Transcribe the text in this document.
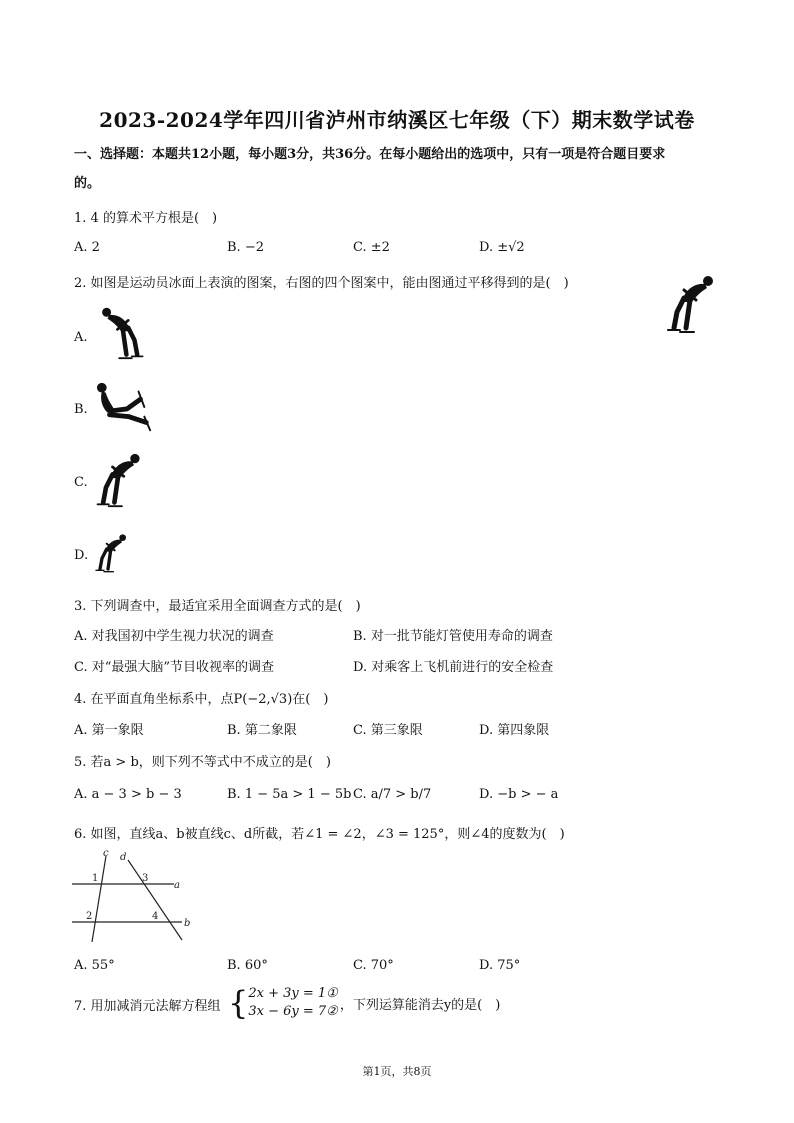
2023-2024学年四川省泸州市纳溪区七年级（下）期末数学试卷
一、选择题：本题共12小题，每小题3分，共36分。在每小题给出的选项中，只有一项是符合题目要求
的。
1. 4 的算术平方根是(　)
A. 2	B. −2	C. ±2	D. ±√2
2. 如图是运动员冰面上表演的图案，右图的四个图案中，能由图通过平移得到的是(　)
A.
B.
C.
D.
3. 下列调查中，最适宜采用全面调查方式的是(　)
A. 对我国初中学生视力状况的调查	B. 对一批节能灯管使用寿命的调查
C. 对“最强大脑”节目收视率的调查	D. 对乘客上飞机前进行的安全检查
4. 在平面直角坐标系中，点P(−2,√3)在(　)
A. 第一象限	B. 第二象限	C. 第三象限	D. 第四象限
5. 若a > b，则下列不等式中不成立的是(　)
A. a − 3 > b − 3	B. 1 − 5a > 1 − 5b C. a/7 > b/7	D. −b > − a
6. 如图，直线a、b被直线c、d所截，若∠1 = ∠2，∠3 = 125°，则∠4的度数为(　)
c d
a
b
1
2
3
4
A. 55°	B. 60°	C. 70°	D. 75°
7. 用加减消元法解方程组 { 2x + 3y = 1①
3x − 6y = 7② ，下列运算能消去y的是(　)
第1页，共8页
